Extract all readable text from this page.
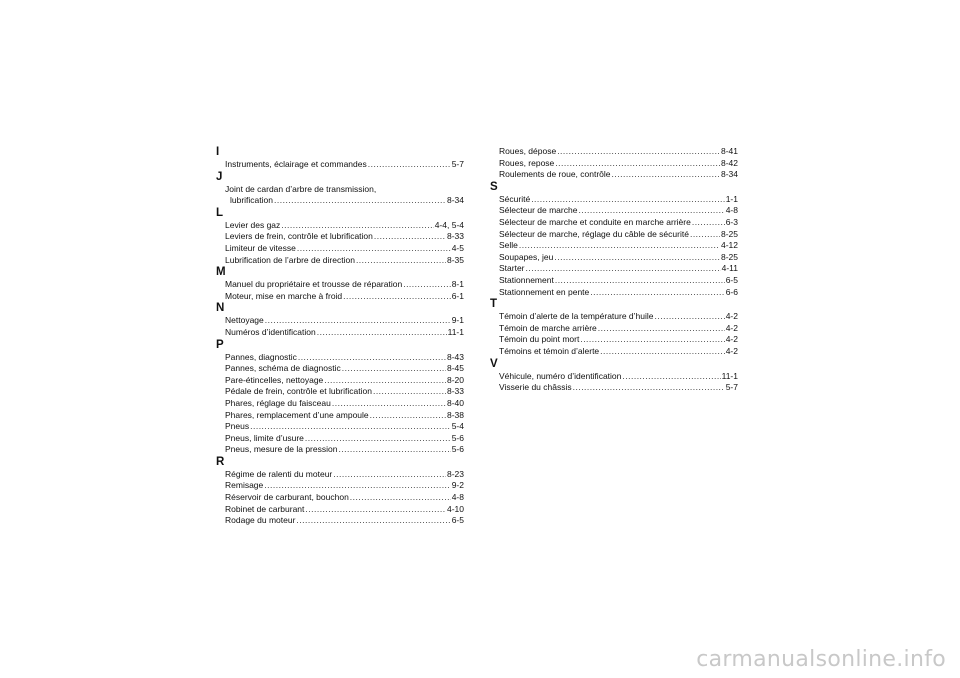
I
Instruments, éclairage et commandes .....	5-7
J
Joint de cardan d’arbre de transmission,
lubrification .....	8-34
L
Levier des gaz .....	4-4, 5-4
Leviers de frein, contrôle et lubrification .....	8-33
Limiteur de vitesse .....	4-5
Lubrification de l’arbre de direction .....	8-35
M
Manuel du propriétaire et trousse de réparation .....	8-1
Moteur, mise en marche à froid .....	6-1
N
Nettoyage .....	9-1
Numéros d’identification .....	11-1
P
Pannes, diagnostic .....	8-43
Pannes, schéma de diagnostic .....	8-45
Pare-étincelles, nettoyage .....	8-20
Pédale de frein, contrôle et lubrification .....	8-33
Phares, réglage du faisceau .....	8-40
Phares, remplacement d’une ampoule .....	8-38
Pneus .....	5-4
Pneus, limite d’usure .....	5-6
Pneus, mesure de la pression .....	5-6
R
Régime de ralenti du moteur .....	8-23
Remisage .....	9-2
Réservoir de carburant, bouchon .....	4-8
Robinet de carburant .....	4-10
Rodage du moteur .....	6-5
Roues, dépose .....	8-41
Roues, repose .....	8-42
Roulements de roue, contrôle .....	8-34
S
Sécurité .....	1-1
Sélecteur de marche .....	4-8
Sélecteur de marche et conduite en marche arrière .....	6-3
Sélecteur de marche, réglage du câble de sécurité .....	8-25
Selle .....	4-12
Soupapes, jeu .....	8-25
Starter .....	4-11
Stationnement .....	6-5
Stationnement en pente .....	6-6
T
Témoin d’alerte de la température d’huile .....	4-2
Témoin de marche arrière .....	4-2
Témoin du point mort .....	4-2
Témoins et témoin d’alerte .....	4-2
V
Véhicule, numéro d’identification .....	11-1
Visserie du châssis .....	5-7
carmanualsonline.info
